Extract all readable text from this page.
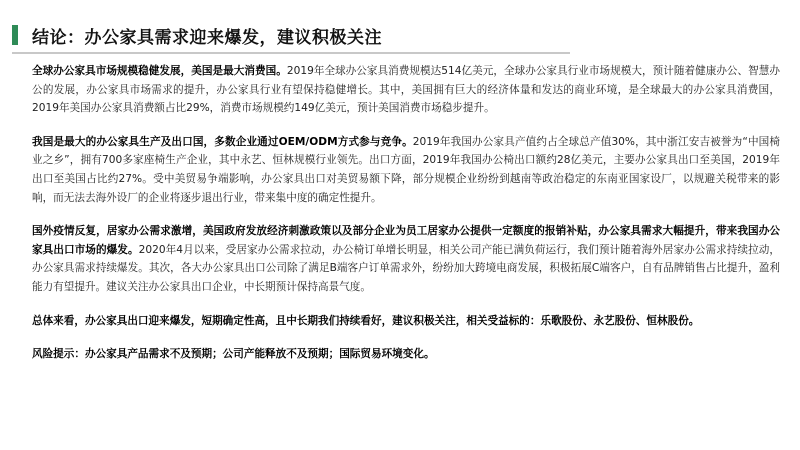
结论：办公家具需求迎来爆发，建议积极关注

全球办公家具市场规模稳健发展，美国是最大消费国。2019年全球办公家具消费规模达514亿美元，全球办公家具行业市场规模大，预计随着健康办公、智慧办公的发展，办公家具市场需求的提升，办公家具行业有望保持稳健增长。其中，美国拥有巨大的经济体量和发达的商业环境，是全球最大的办公家具消费国，2019年美国办公家具消费额占比29%，消费市场规模约149亿美元，预计美国消费市场稳步提升。

我国是最大的办公家具生产及出口国，多数企业通过OEM/ODM方式参与竞争。2019年我国办公家具产值约占全球总产值30%，其中浙江安吉被誉为“中国椅业之乡”，拥有700多家座椅生产企业，其中永艺、恒林规模行业领先。出口方面，2019年我国办公椅出口额约28亿美元，主要办公家具出口至美国，2019年出口至美国占比约27%。受中美贸易争端影响，办公家具出口对美贸易额下降，部分规模企业纷纷到越南等政治稳定的东南亚国家设厂，以规避关税带来的影响，而无法去海外设厂的企业将逐步退出行业，带来集中度的确定性提升。

国外疫情反复，居家办公需求激增，美国政府发放经济刺激政策以及部分企业为员工居家办公提供一定额度的报销补贴，办公家具需求大幅提升，带来我国办公家具出口市场的爆发。2020年4月以来，受居家办公需求拉动，办公椅订单增长明显，相关公司产能已满负荷运行，我们预计随着海外居家办公需求持续拉动，办公家具需求持续爆发。其次，各大办公家具出口公司除了满足B端客户订单需求外，纷纷加大跨境电商发展，积极拓展C端客户，自有品牌销售占比提升，盈利能力有望提升。建议关注办公家具出口企业，中长期预计保持高景气度。

总体来看，办公家具出口迎来爆发，短期确定性高，且中长期我们持续看好，建议积极关注，相关受益标的：乐歌股份、永艺股份、恒林股份。

风险提示：办公家具产品需求不及预期；公司产能释放不及预期；国际贸易环境变化。
